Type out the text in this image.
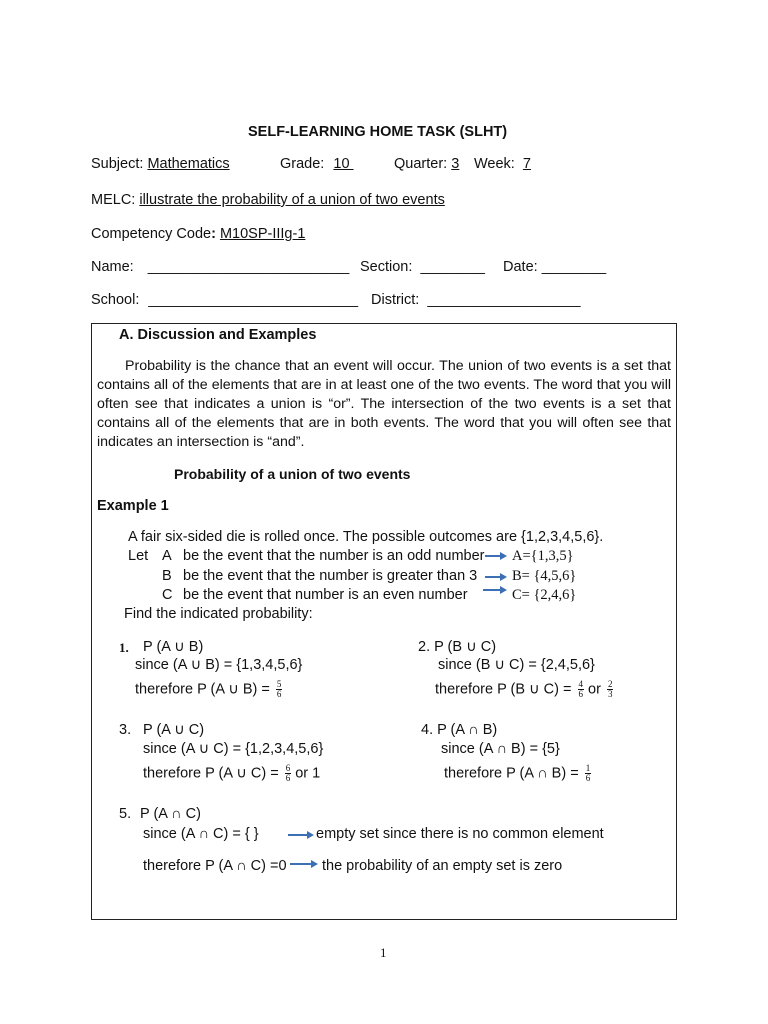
SELF-LEARNING HOME TASK (SLHT)
Subject: Mathematics	Grade: 10	Quarter: 3 Week: 7
MELC: illustrate the probability of a union of two events
Competency Code: M10SP-IIIg-1
Name: _________________________ Section: ________ Date: ________
School: __________________________ District: ___________________
A. Discussion and Examples
Probability is the chance that an event will occur. The union of two events is a set that contains all of the elements that are in at least one of the two events. The word that you will often see that indicates a union is “or”. The intersection of the two events is a set that contains all of the elements that are in both events. The word that you will often see that indicates an intersection is “and”.
Probability of a union of two events
Example 1
A fair six-sided die is rolled once. The possible outcomes are {1,2,3,4,5,6}.
Let A be the event that the number is an odd number A={1,3,5}
B be the event that the number is greater than 3 B= {4,5,6}
C be the event that number is an even number	C= {2,4,6}
Find the indicated probability:
1. P (A ∪ B)
since (A ∪ B) = {1,3,4,5,6}
therefore P (A ∪ $B) = \frac{5}{6}$
2. P (B ∪ C)
since (B ∪ C) = {2,4,5,6}
therefore P (B ∪ $C) = \frac{4}{6}$ or $\frac{2}{3}$
3. P (A ∪ C)
since (A ∪ C) = {1,2,3,4,5,6}
therefore P (A ∪ $C) = \frac{6}{6}$ or 1
4. P (A ∩ B)
since (A ∩ B) = {5}
therefore P (A ∩ $B) = \frac{1}{6}$
5. P (A ∩ C)
since (A ∩ C) = { }	empty set since there is no common element
therefore P (A ∩ C) =0 the probability of an empty set is zero
1
